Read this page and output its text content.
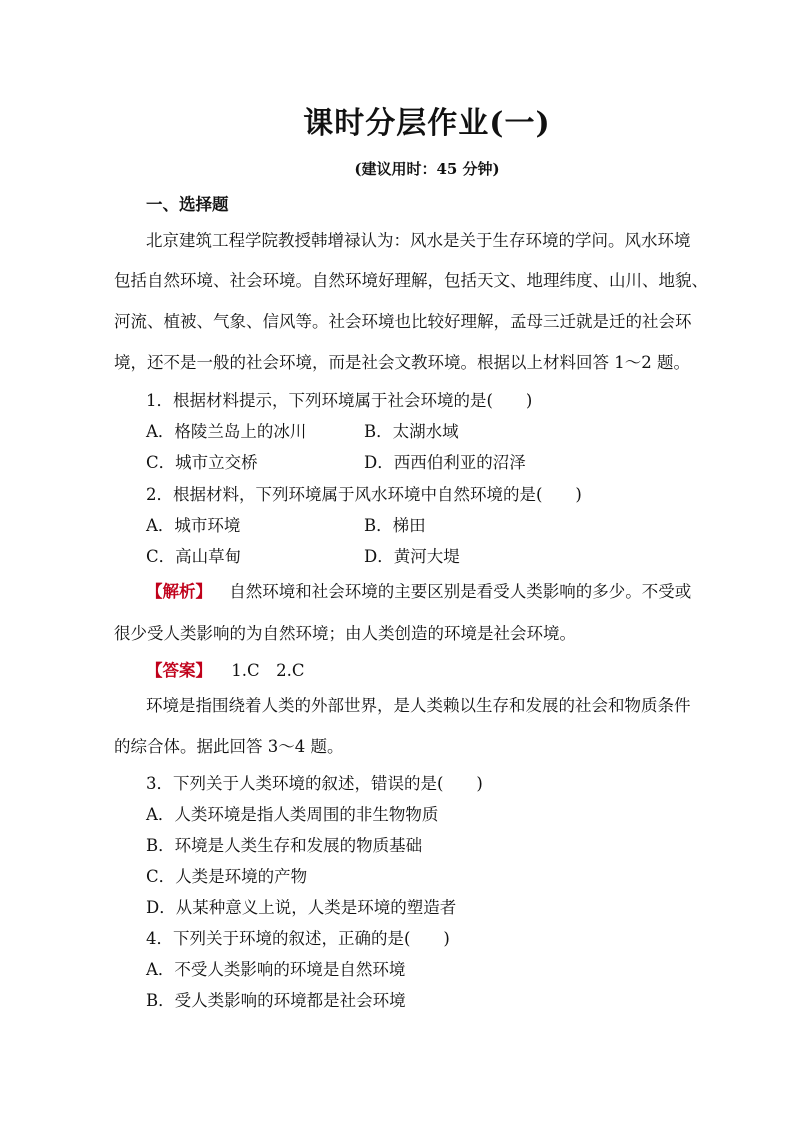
课时分层作业(一)
(建议用时：45 分钟)
一、选择题
北京建筑工程学院教授韩增禄认为：风水是关于生存环境的学问。风水环境
包括自然环境、社会环境。自然环境好理解，包括天文、地理纬度、山川、地貌、
河流、植被、气象、信风等。社会环境也比较好理解，孟母三迁就是迁的社会环
境，还不是一般的社会环境，而是社会文教环境。根据以上材料回答 1～2 题。
1．根据材料提示，下列环境属于社会环境的是(　　)
A．格陵兰岛上的冰川	B．太湖水域
C．城市立交桥	D．西西伯利亚的沼泽
2．根据材料，下列环境属于风水环境中自然环境的是(　　)
A．城市环境	B．梯田
C．高山草甸	D．黄河大堤
【解析】 自然环境和社会环境的主要区别是看受人类影响的多少。不受或
很少受人类影响的为自然环境；由人类创造的环境是社会环境。
【答案】 1.C　2.C
环境是指围绕着人类的外部世界，是人类赖以生存和发展的社会和物质条件
的综合体。据此回答 3～4 题。
3．下列关于人类环境的叙述，错误的是(　　)
A．人类环境是指人类周围的非生物物质
B．环境是人类生存和发展的物质基础
C．人类是环境的产物
D．从某种意义上说，人类是环境的塑造者
4．下列关于环境的叙述，正确的是(　　)
A．不受人类影响的环境是自然环境
B．受人类影响的环境都是社会环境
